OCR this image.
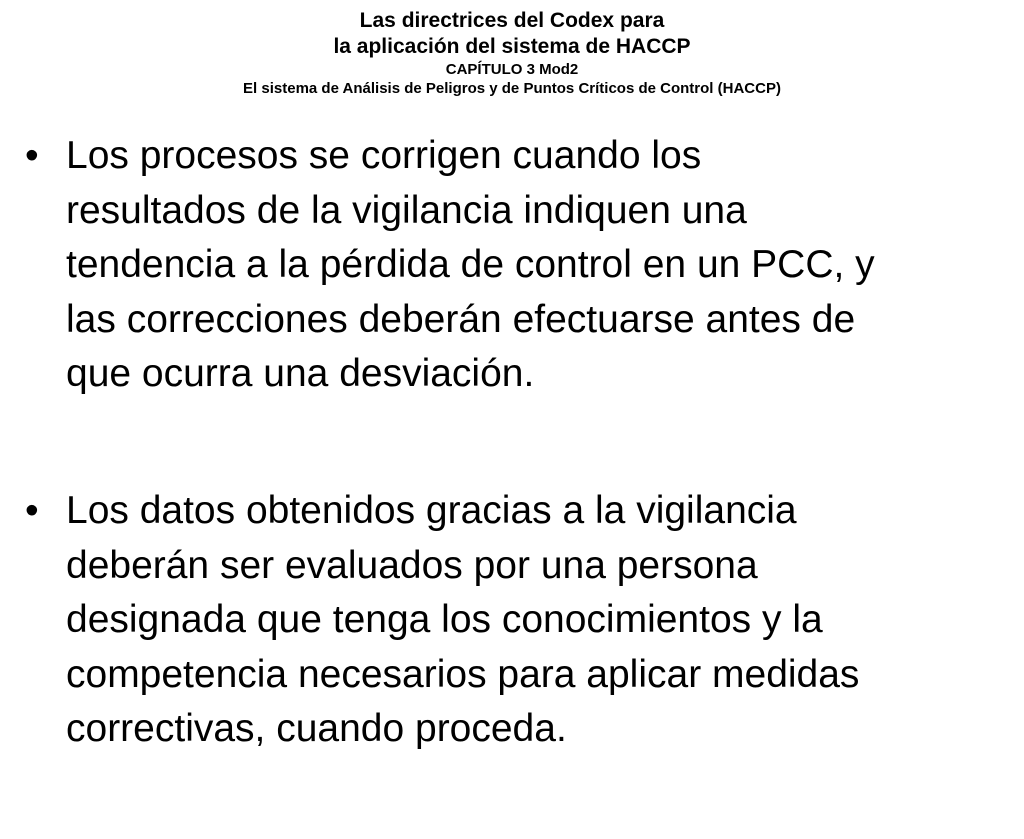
Las directrices del Codex para
la aplicación del sistema de HACCP
CAPÍTULO 3 Mod2
El sistema de Análisis de Peligros y de Puntos Críticos de Control (HACCP)
• Los procesos se corrigen cuando los
resultados de la vigilancia indiquen una
tendencia a la pérdida de control en un PCC, y
las correcciones deberán efectuarse antes de
que ocurra una desviación.
• Los datos obtenidos gracias a la vigilancia
deberán ser evaluados por una persona
designada que tenga los conocimientos y la
competencia necesarios para aplicar medidas
correctivas, cuando proceda.
